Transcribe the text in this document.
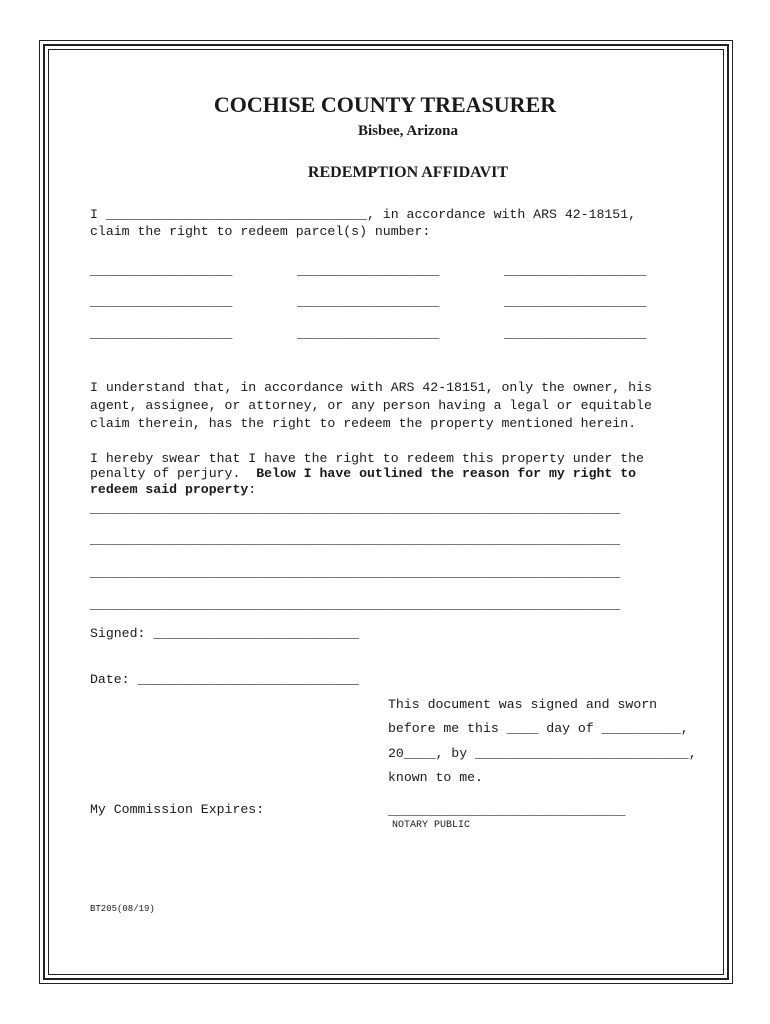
COCHISE COUNTY TREASURER
Bisbee, Arizona
REDEMPTION AFFIDAVIT
I _________________________________, in accordance with ARS 42-18151,
claim the right to redeem parcel(s) number:
__________________	__________________	__________________
__________________	__________________	__________________
__________________	__________________	__________________
I understand that, in accordance with ARS 42-18151, only the owner, his
agent, assignee, or attorney, or any person having a legal or equitable
claim therein, has the right to redeem the property mentioned herein.
I hereby swear that I have the right to redeem this property under the
penalty of perjury.  Below I have outlined the reason for my right to
redeem said property:
___________________________________________________________________
___________________________________________________________________
___________________________________________________________________
___________________________________________________________________
Signed: __________________________
Date: ____________________________
This document was signed and sworn
before me this ____ day of __________,
20____, by ___________________________,
known to me.
My Commission Expires:	______________________________
NOTARY PUBLIC
BT205(08/19)
